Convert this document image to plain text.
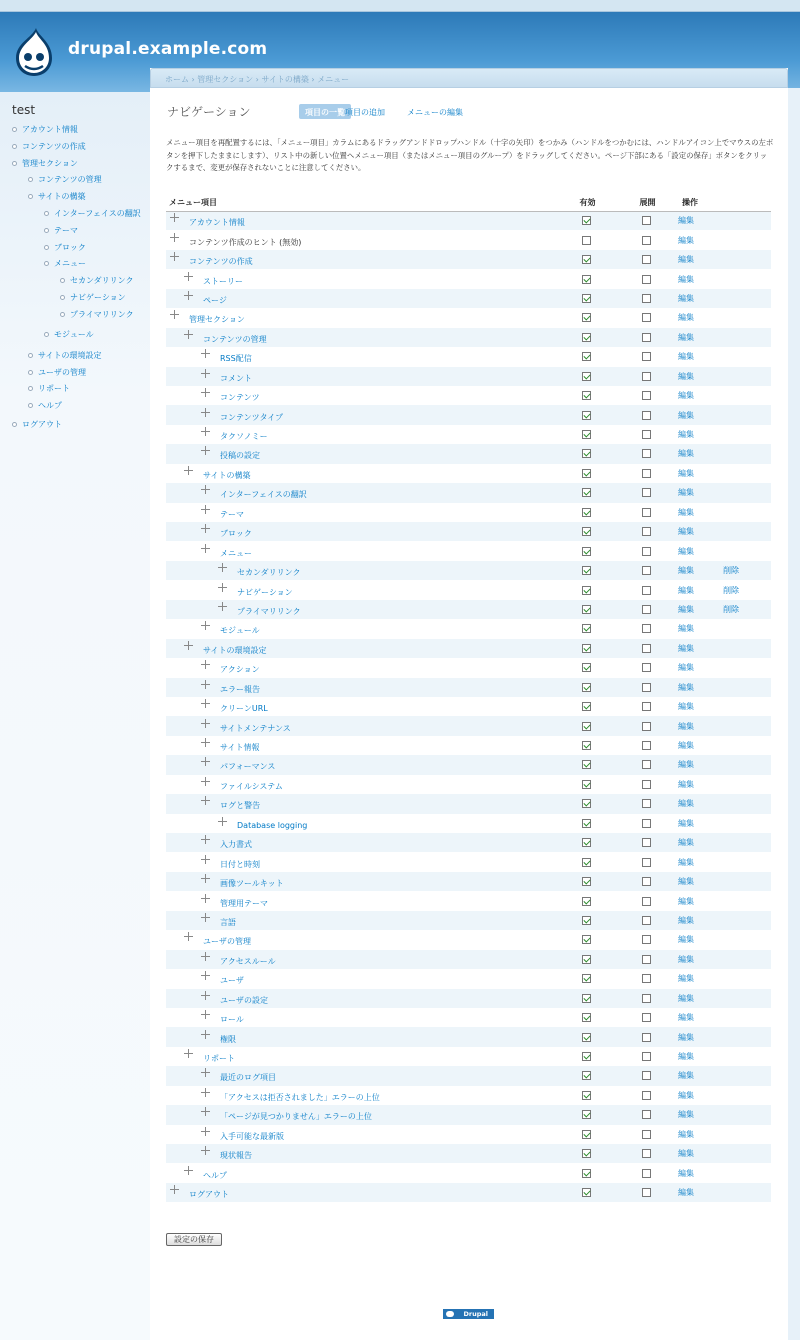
drupal.example.com
test
アカウント情報
コンテンツの作成
管理セクション
コンテンツの管理
サイトの構築
インターフェイスの翻訳
テーマ
ブロック
メニュー
セカンダリリンク
ナビゲーション
プライマリリンク
モジュール
サイトの環境設定
ユーザの管理
リポート
ヘルプ
ログアウト
ホーム › 管理セクション › サイトの構築 › メニュー
ナビゲーション	項目の一覧 項目の追加	メニューの編集
メニュー項目を再配置するには、「メニュー項目」カラムにあるドラッグアンドドロップハンドル（十字の矢印）をつかみ（ハンドルをつかむには、ハンドルアイコン上でマウスの左ボタンを押下したままにします）、リスト中の新しい位置へメニュー項目（またはメニュー項目のグループ）をドラッグしてください。ページ下部にある「設定の保存」ボタンをクリックするまで、変更が保存されないことに注意してください。
メニュー項目	有効	展開	操作
アカウント情報			編集
コンテンツ作成のヒント (無効)			編集
コンテンツの作成			編集
ストーリー			編集
ページ			編集
管理セクション			編集
コンテンツの管理			編集
RSS配信			編集
コメント			編集
コンテンツ			編集
コンテンツタイプ			編集
タクソノミー			編集
投稿の設定			編集
サイトの構築			編集
インターフェイスの翻訳			編集
テーマ			編集
ブロック			編集
メニュー			編集
セカンダリリンク			編集 削除
ナビゲーション			編集 削除
プライマリリンク			編集 削除
モジュール			編集
サイトの環境設定			編集
アクション			編集
エラー報告			編集
クリーンURL			編集
サイトメンテナンス			編集
サイト情報			編集
パフォーマンス			編集
ファイルシステム			編集
ログと警告			編集
Database logging			編集
入力書式			編集
日付と時刻			編集
画像ツールキット			編集
管理用テーマ			編集
言語			編集
ユーザの管理			編集
アクセスルール			編集
ユーザ			編集
ユーザの設定			編集
ロール			編集
権限			編集
リポート			編集
最近のログ項目			編集
「アクセスは拒否されました」エラーの上位			編集
「ページが見つかりません」エラーの上位			編集
入手可能な最新版			編集
現状報告			編集
ヘルプ			編集
ログアウト			編集
設定の保存
Drupal
